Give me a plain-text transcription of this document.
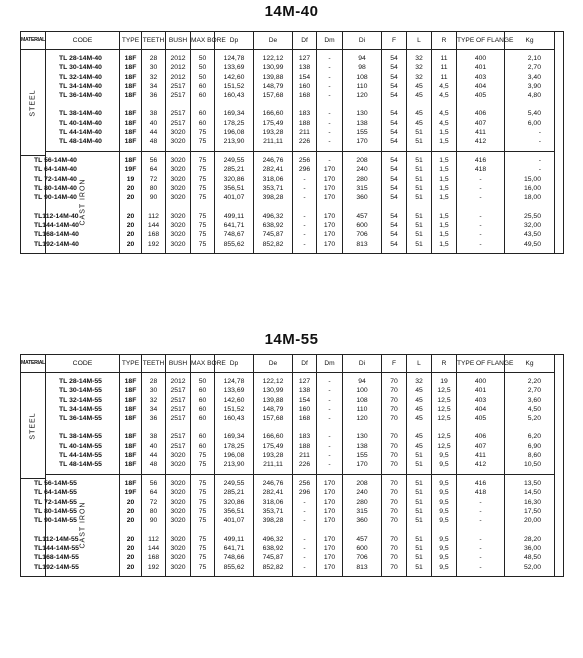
14M-40
MATERIAL	CODE	TYPE	TEETH	BUSH	MAX BORE	Dp	De	Df	Dm	Di	F	L	R	TYPE OF FLANGE	Kg	

STEEL																

	TL 28-14M-40	18F	28	2012	50	124,78	122,12	127	-	94	54	32	11	400	2,10	
	TL 30-14M-40	18F	30	2012	50	133,69	130,99	138	-	98	54	32	11	401	2,70	
	TL 32-14M-40	18F	32	2012	50	142,60	139,88	154	-	108	54	32	11	403	3,40	
	TL 34-14M-40	18F	34	2517	60	151,52	148,79	160	-	110	54	45	4,5	404	3,90	
	TL 36-14M-40	18F	36	2517	60	160,43	157,68	168	-	120	54	45	4,5	405	4,80	

	TL 38-14M-40	18F	38	2517	60	169,34	166,60	183	-	130	54	45	4,5	406	5,40	
	TL 40-14M-40	18F	40	2517	60	178,25	175,49	188	-	138	54	45	4,5	407	6,00	
	TL 44-14M-40	18F	44	3020	75	196,08	193,28	211	-	155	54	51	1,5	411	-	
	TL 48-14M-40	18F	48	3020	75	213,90	211,11	226	-	170	54	51	1,5	412	-	

	CAST IRON															

TL 56-14M-40		18F	56	3020	75	249,55	246,76	256	-	208	54	51	1,5	416	-	
TL 64-14M-40		19F	64	3020	75	285,21	282,41	296	170	240	54	51	1,5	418	-	
TL 72-14M-40		19	72	3020	75	320,86	318,06	-	170	280	54	51	1,5	-	15,00	
TL 80-14M-40		20	80	3020	75	356,51	353,71	-	170	315	54	51	1,5	-	16,00	
TL 90-14M-40		20	90	3020	75	401,07	398,28	-	170	360	54	51	1,5	-	18,00	

TL112-14M-40		20	112	3020	75	499,11	496,32	-	170	457	54	51	1,5	-	25,50	
TL144-14M-40		20	144	3020	75	641,71	638,92	-	170	600	54	51	1,5	-	32,00	
TL168-14M-40		20	168	3020	75	748,67	745,87	-	170	706	54	51	1,5	-	43,50	
TL192-14M-40		20	192	3020	75	855,62	852,82	-	170	813	54	51	1,5	-	49,50	

14M-55
MATERIAL	CODE	TYPE	TEETH	BUSH	MAX BORE	Dp	De	Df	Dm	Di	F	L	R	TYPE OF FLANGE	Kg	

STEEL																

	TL 28-14M-55	18F	28	2012	50	124,78	122,12	127	-	94	70	32	19	400	2,20	
	TL 30-14M-55	18F	30	2517	60	133,69	130,99	138	-	100	70	45	12,5	401	2,70	
	TL 32-14M-55	18F	32	2517	60	142,60	139,88	154	-	108	70	45	12,5	403	3,60	
	TL 34-14M-55	18F	34	2517	60	151,52	148,79	160	-	110	70	45	12,5	404	4,50	
	TL 36-14M-55	18F	36	2517	60	160,43	157,68	168	-	120	70	45	12,5	405	5,20	

	TL 38-14M-55	18F	38	2517	60	169,34	166,60	183	-	130	70	45	12,5	406	6,20	
	TL 40-14M-55	18F	40	2517	60	178,25	175,49	188	-	138	70	45	12,5	407	6,90	
	TL 44-14M-55	18F	44	3020	75	196,08	193,28	211	-	155	70	51	9,5	411	8,60	
	TL 48-14M-55	18F	48	3020	75	213,90	211,11	226	-	170	70	51	9,5	412	10,50	

	CAST IRON															

TL 56-14M-55		18F	56	3020	75	249,55	246,76	256	170	208	70	51	9,5	416	13,50	
TL 64-14M-55		19F	64	3020	75	285,21	282,41	296	170	240	70	51	9,5	418	14,50	
TL 72-14M-55		20	72	3020	75	320,86	318,06	-	170	280	70	51	9,5	-	16,30	
TL 80-14M-55		20	80	3020	75	356,51	353,71	-	170	315	70	51	9,5	-	17,50	
TL 90-14M-55		20	90	3020	75	401,07	398,28	-	170	360	70	51	9,5	-	20,00	

TL112-14M-55		20	112	3020	75	499,11	496,32	-	170	457	70	51	9,5	-	28,20	
TL144-14M-55		20	144	3020	75	641,71	638,92	-	170	600	70	51	9,5	-	36,00	
TL168-14M-55		20	168	3020	75	748,66	745,87	-	170	706	70	51	9,5	-	48,50	
TL192-14M-55		20	192	3020	75	855,62	852,82	-	170	813	70	51	9,5	-	52,00	
